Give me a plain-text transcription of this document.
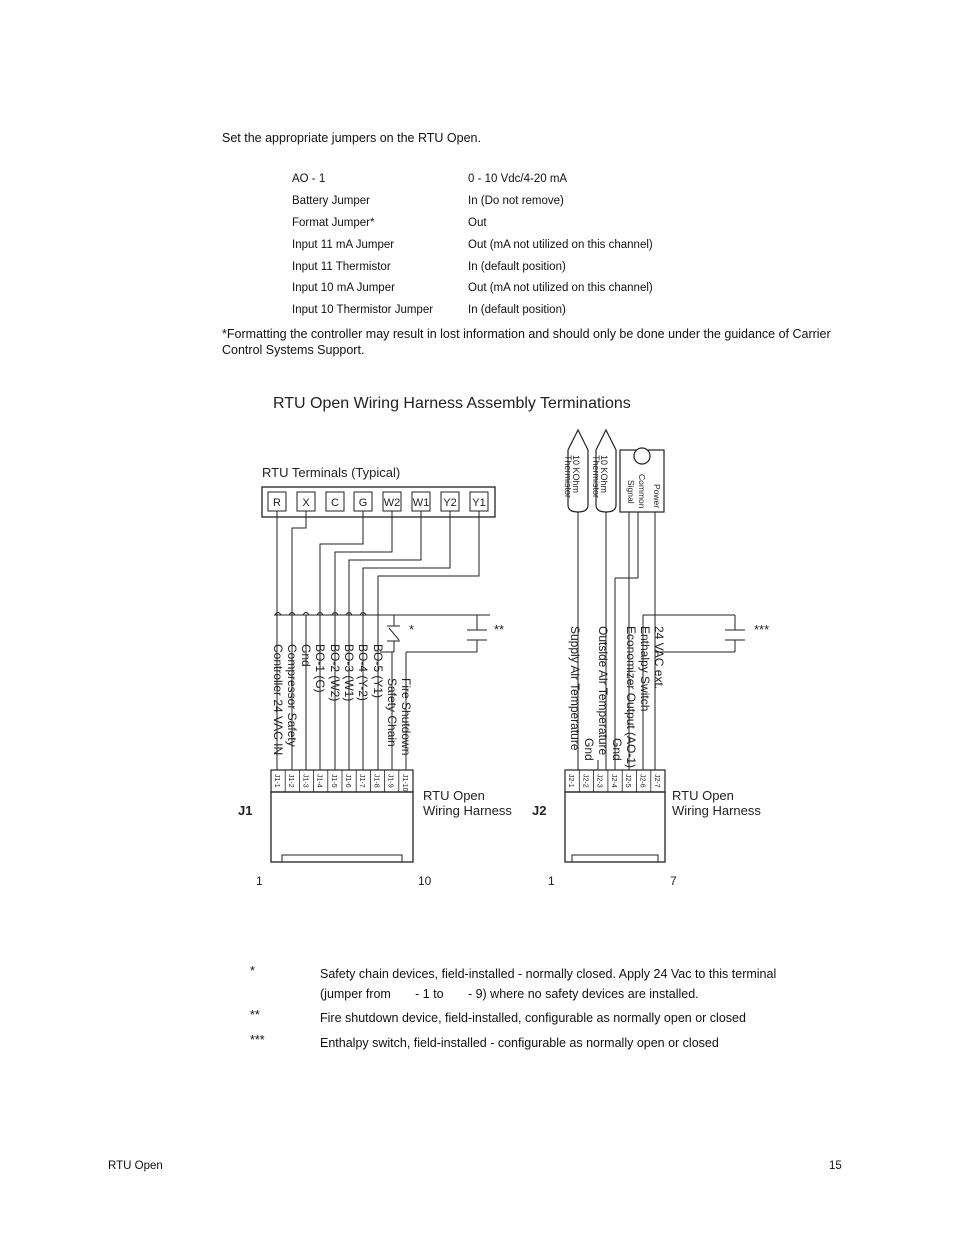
Set the appropriate jumpers on the RTU Open.
AO - 1	0 - 10 Vdc/4-20 mA
Battery Jumper	In (Do not remove)
Format Jumper*	Out
Input 11 mA Jumper	Out (mA not utilized on this channel)
Input 11 Thermistor	In (default position)
Input 10 mA Jumper	Out (mA not utilized on this channel)
Input 10 Thermistor Jumper	In (default position)
*Formatting the controller may result in lost information and should only be done under the guidance of Carrier Control Systems Support.
RTU Open Wiring Harness Assembly Terminations
RTU Terminals (Typical)
R X C G W2 W1 Y2 Y1
*	**
Controller 24 VAC IN Compressor Safety Gnd BO-1 (G) BO-2 (W2) BO-3 (W1) BO-4 (Y-2) BO-5 (Y1)
Safety Chain Fire Shutdown
J1-1 J1-2 J1-3 J1-4 J1-5 J1-6 J1-7 J1-8 J1-9 J1-10
J1
RTU Open
Wiring Harness
1	10
10 KOhm
Thermistor	10 KOhm
Thermistor	Power
Common
Signal
***
Supply Air Temperature Gnd Outside Air Temperature Gnd Economizer Output (AO-1) Enthalpy Switch 24 VAC ext.
J2-1 J2-2 J2-3 J2-4 J2-5 J2-6 J2-7
J2
RTU Open
Wiring Harness
1	7
*	Safety chain devices, field-installed - normally closed. Apply 24 Vac to this terminal
(jumper from       - 1 to       - 9) where no safety devices are installed.
**	Fire shutdown device, field-installed, configurable as normally open or closed
***	Enthalpy switch, field-installed - configurable as normally open or closed
RTU Open	15
